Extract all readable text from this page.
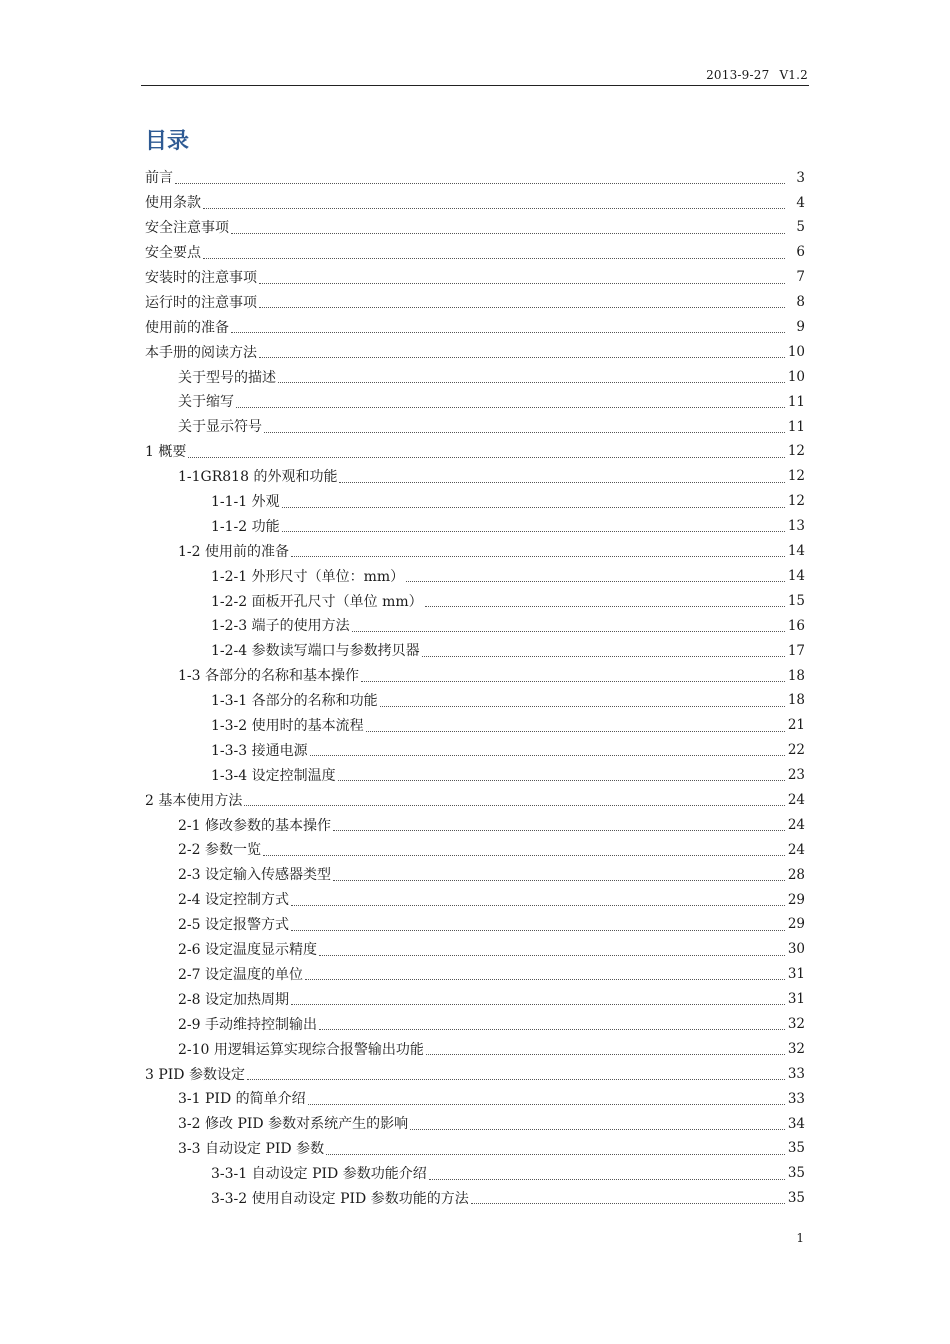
2013-9-27 V1.2
目录
前言	3
使用条款	4
安全注意事项	5
安全要点	6
安装时的注意事项	7
运行时的注意事项	8
使用前的准备	9
本手册的阅读方法	10
关于型号的描述	10
关于缩写	11
关于显示符号	11
1 概要	12
1-1GR818 的外观和功能	12
1-1-1 外观	12
1-1-2 功能	13
1-2 使用前的准备	14
1-2-1 外形尺寸（单位：mm）	14
1-2-2 面板开孔尺寸（单位 mm）	15
1-2-3 端子的使用方法	16
1-2-4 参数读写端口与参数拷贝器	17
1-3 各部分的名称和基本操作	18
1-3-1 各部分的名称和功能	18
1-3-2 使用时的基本流程	21
1-3-3 接通电源	22
1-3-4 设定控制温度	23
2 基本使用方法	24
2-1 修改参数的基本操作	24
2-2 参数一览	24
2-3 设定输入传感器类型	28
2-4 设定控制方式	29
2-5 设定报警方式	29
2-6 设定温度显示精度	30
2-7 设定温度的单位	31
2-8 设定加热周期	31
2-9 手动维持控制输出	32
2-10 用逻辑运算实现综合报警输出功能	32
3 PID 参数设定	33
3-1 PID 的简单介绍	33
3-2 修改 PID 参数对系统产生的影响	34
3-3 自动设定 PID 参数	35
3-3-1 自动设定 PID 参数功能介绍	35
3-3-2 使用自动设定 PID 参数功能的方法	35
1
